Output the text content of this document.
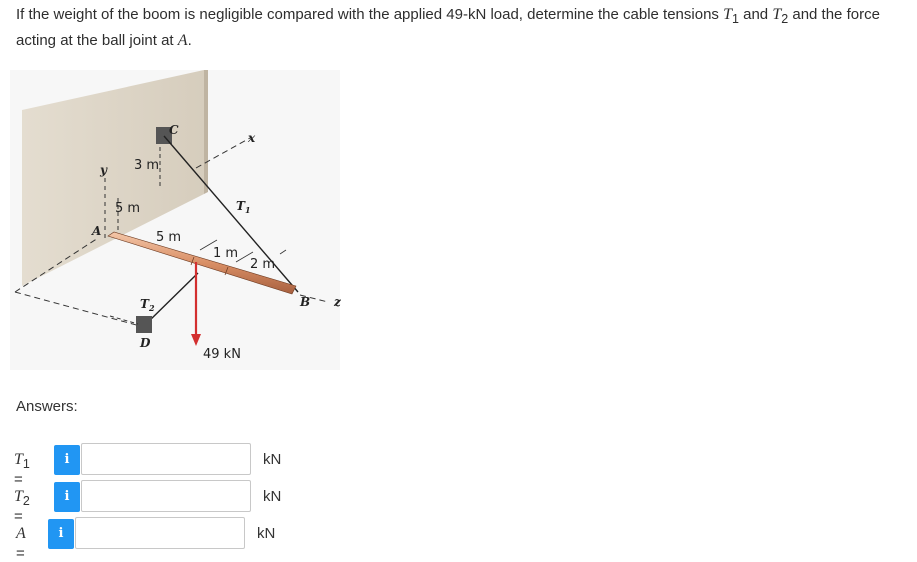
If the weight of the boom is negligible compared with the applied 49-kN load, determine the cable tensions $T_1$ and $T_2$ and the force acting at the ball joint at A.
C
x
y
z
A
B
D
$T_1$
$T_2$
3 m
5 m
5 m
1 m
2 m
49 kN
Answers:
$T_1$ =
i	kN
$T_2$ =
i	kN
A =
i	kN
